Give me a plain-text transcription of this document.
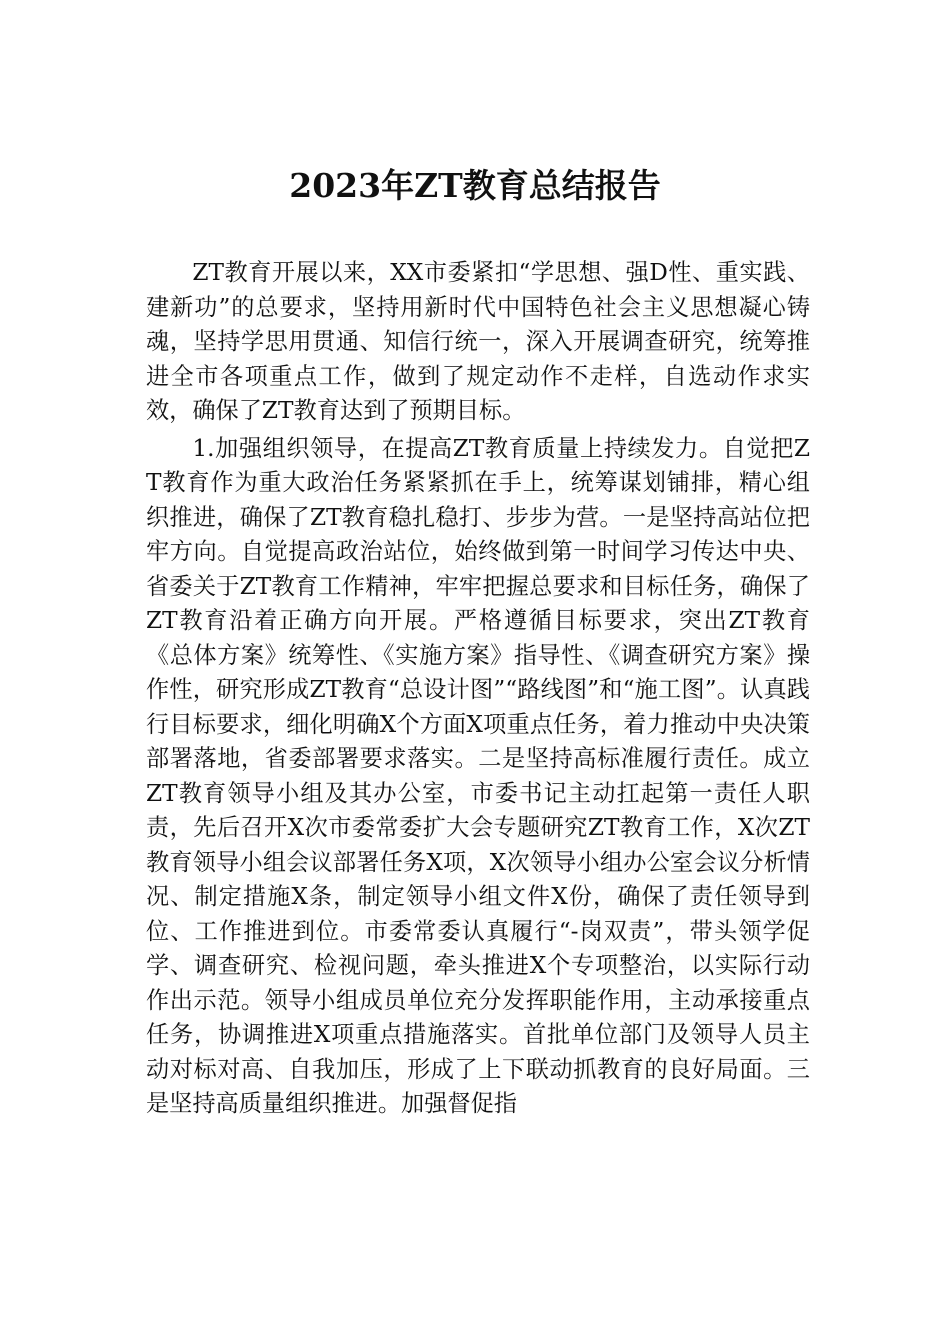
2023年ZT教育总结报告

ZT教育开展以来，XX市委紧扣“学思想、强D性、重实践、建新功”的总要求，坚持用新时代中国特色社会主义思想凝心铸魂，坚持学思用贯通、知信行统一，深入开展调查研究，统筹推进全市各项重点工作，做到了规定动作不走样，自选动作求实效，确保了ZT教育达到了预期目标。

1.加强组织领导，在提高ZT教育质量上持续发力。自觉把ZT教育作为重大政治任务紧紧抓在手上，统筹谋划铺排，精心组织推进，确保了ZT教育稳扎稳打、步步为营。一是坚持高站位把牢方向。自觉提高政治站位，始终做到第一时间学习传达中央、省委关于ZT教育工作精神，牢牢把握总要求和目标任务，确保了ZT教育沿着正确方向开展。严格遵循目标要求，突出ZT教育《总体方案》统筹性、《实施方案》指导性、《调查研究方案》操作性，研究形成ZT教育“总设计图”“路线图”和“施工图”。认真践行目标要求，细化明确X个方面X项重点任务，着力推动中央决策部署落地，省委部署要求落实。二是坚持高标准履行责任。成立ZT教育领导小组及其办公室，市委书记主动扛起第一责任人职责，先后召开X次市委常委扩大会专题研究ZT教育工作，X次ZT教育领导小组会议部署任务X项，X次领导小组办公室会议分析情况、制定措施X条，制定领导小组文件X份，确保了责任领导到位、工作推进到位。市委常委认真履行“-岗双责”，带头领学促学、调查研究、检视问题，牵头推进X个专项整治，以实际行动作出示范。领导小组成员单位充分发挥职能作用，主动承接重点任务，协调推进X项重点措施落实。首批单位部门及领导人员主动对标对高、自我加压，形成了上下联动抓教育的良好局面。三是坚持高质量组织推进。加强督促指
